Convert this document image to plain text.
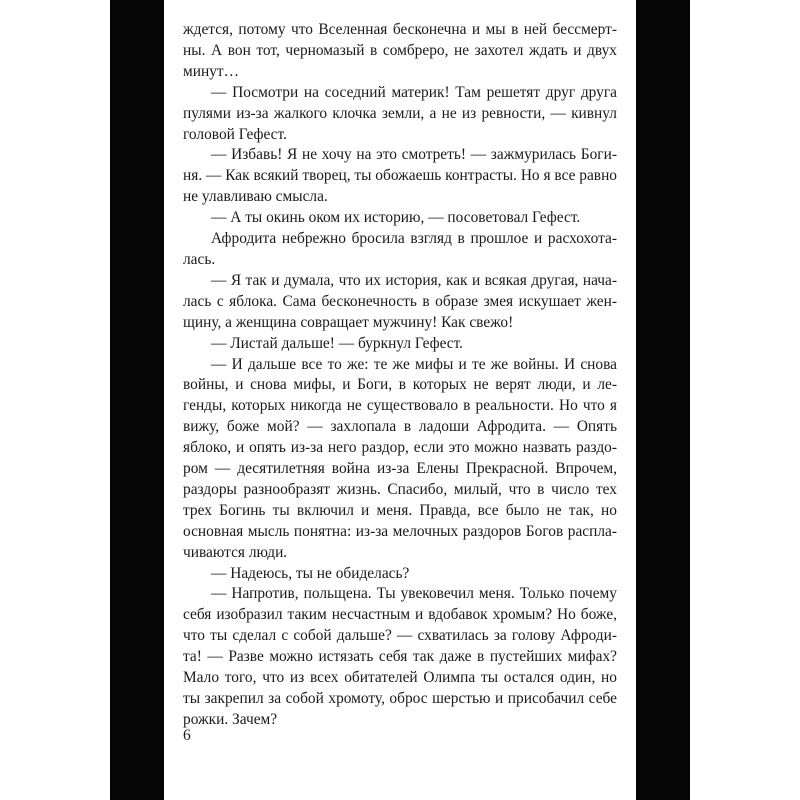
ждется, потому что Вселенная бесконечна и мы в ней бессмертны. А вон тот, черномазый в сомбреро, не захотел ждать и двух минут…

— Посмотри на соседний материк! Там решетят друг друга пулями из-за жалкого клочка земли, а не из ревности, — кивнул головой Гефест.

— Избавь! Я не хочу на это смотреть! — зажмурилась Богиня. — Как всякий творец, ты обожаешь контрасты. Но я все равно не улавливаю смысла.

— А ты окинь оком их историю, — посоветовал Гефест.

Афродита небрежно бросила взгляд в прошлое и расхохоталась.

— Я так и думала, что их история, как и всякая другая, началась с яблока. Сама бесконечность в образе змея искушает женщину, а женщина совращает мужчину! Как свежо!

— Листай дальше! — буркнул Гефест.

— И дальше все то же: те же мифы и те же войны. И снова войны, и снова мифы, и Боги, в которых не верят люди, и легенды, которых никогда не существовало в реальности. Но что я вижу, боже мой? — захлопала в ладоши Афродита. — Опять яблоко, и опять из-за него раздор, если это можно назвать раздором — десятилетняя война из-за Елены Прекрасной. Впрочем, раздоры разнообразят жизнь. Спасибо, милый, что в число тех трех Богинь ты включил и меня. Правда, все было не так, но основная мысль понятна: из-за мелочных раздоров Богов расплачиваются люди.

— Надеюсь, ты не обиделась?

— Напротив, польщена. Ты увековечил меня. Только почему себя изобразил таким несчастным и вдобавок хромым? Но боже, что ты сделал с собой дальше? — схватилась за голову Афродита! — Разве можно истязать себя так даже в пустейших мифах? Мало того, что из всех обитателей Олимпа ты остался один, но ты закрепил за собой хромоту, оброс шерстью и присобачил себе рожки. Зачем?

6
